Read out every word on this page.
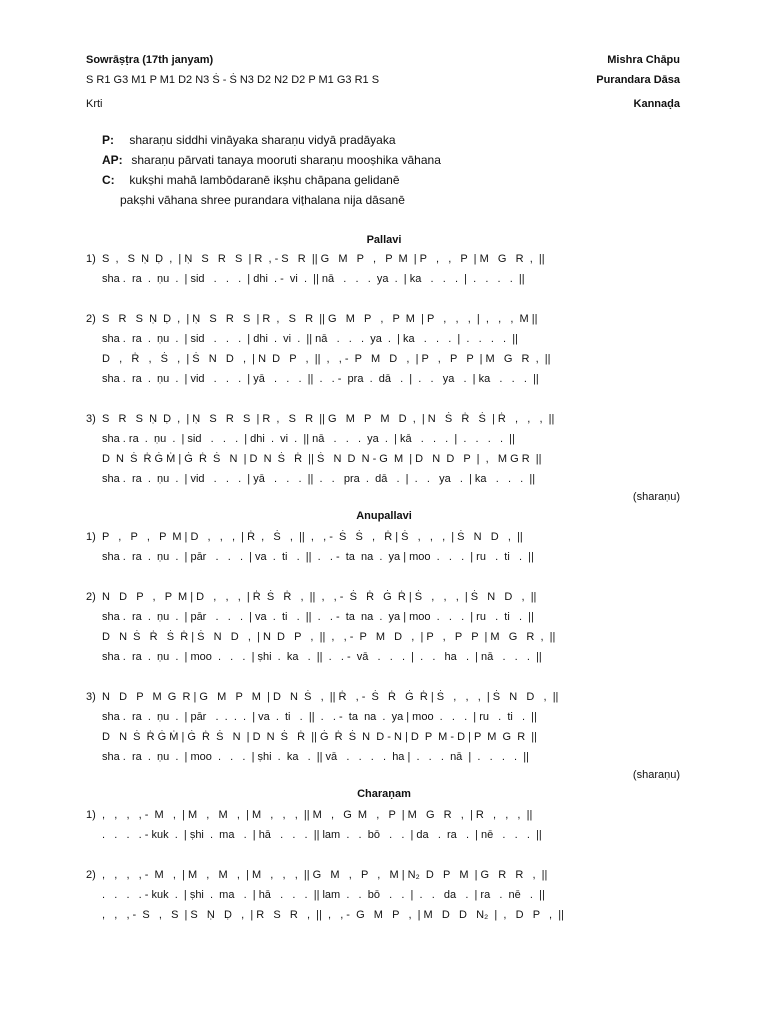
Sowrāṣṭra (17th janyam)
S R1 G3 M1 P M1 D2 N3 Ṡ - Ṡ N3 D2 N2 D2 P M1 G3 R1 S
Krti
Mishra Chāpu
Purandara Dāsa
Kannaḍa
P: sharaṇu siddhi vināyaka sharaṇu vidyā pradāyaka
AP: sharaṇu pārvati tanaya mooruti sharaṇu mooṣhika vāhana
C: kukṣhi mahā lambōdaranē ikṣhu chāpana gelidanē
pakṣhi vāhana shree purandara viṭhalana nija dāsanē
Pallavi
Anupallavi
Charaṇam
(sharaṇu)
(sharaṇu)

1)

S  ,   S  Ṇ  Ḍ  ,  | Ṇ   S   R   S  | R  , - S   R  || G   M   P   ,   P  M  | P   ,   ,   P  | M   G   R  ,  ||

sha .  ra  .  ṇu  .  | sid   .   .   .  | dhi  . -  vi  .  || nā   .   .   .  ya  .  | ka   .   .   .  |  .   .   .   .  ||

2)

S   R   S  Ṇ  Ḍ  ,  | Ṇ   S   R   S  | R  ,   S   R  || G   M   P   ,   P  M  | P   ,   ,   ,  |  ,   ,   ,  M ||

sha .  ra  .  ṇu  .  | sid   .   .   .  | dhi  .  vi  .  || nā   .   .   .  ya  .  | ka   .   .   .  |  .   .   .   .  ||

D   ,   Ṙ   ,   Ṡ   ,  | Ṡ   N   D   ,  | N  D   P   ,  ||  ,   , -  P   M   D   ,  | P   ,   P   P  | M   G   R  ,  ||

sha .  ra  .  ṇu  .  | vid   .   .   .  | yā   .   .   .  ||  .   . -  pra  .  dā   .  |  .   .   ya   .  | ka   .   .   .  ||

3)

S   R   S  Ṇ  Ḍ  ,  | Ṇ   S   R   S  | R  ,   S   R  || G   M   P   M   D  ,  | N   Ṡ   Ṙ   Ṡ  | Ṙ   ,   ,   ,  ||

sha . ra  .  ṇu  .  | sid   .   .   .  | dhi  .  vi  .  || nā   .   .   .  ya  .  | kā   .   .   .  |  .   .   .   .  ||

D  N  Ṡ  Ṙ Ġ Ṁ | Ġ  Ṙ  Ṡ   N  | D  N  Ṡ   Ṙ  || Ṡ   N  D  N - G  M  | D   N  D   P  |  ,   M G R  ||

sha .  ra  .  ṇu  .  | vid   .   .   .  | yā   .   .   .  ||  .   .   pra  .  dā   .  |  .   .   ya   .  | ka   .   .   .  ||

1)

P   ,   P   ,   P  M | D   ,   ,   ,  | Ṙ  ,   Ṡ   ,  ||  ,   , -  Ṡ   Ṡ   ,   Ṙ | Ṡ   ,   ,   ,  | Ṡ   N   D   ,  ||

sha .  ra  .  ṇu  .  | pār   .   .   .  | va  .  ti   .  ||  .   . -  ta  na  .  ya | moo  .   .   .  | ru   .  ti   .  ||

2)

N   D   P   ,   P  M | D   ,   ,   ,  | Ṙ  Ṡ   Ṙ   ,  ||  ,   , -  Ṡ   Ṙ   Ġ  Ṙ | Ṡ   ,   ,   ,  | Ṡ   N   D   ,  ||

sha .  ra  .  ṇu  .  | pār   .   .   .  | va  .  ti   .  ||  .   . -  ta  na  .  ya | moo  .   .   .  | ru   .  ti   .  ||

D   N  Ṡ   Ṙ   Ṡ  Ṙ | Ṡ   N   D   ,  | N  D   P   ,  ||  ,   , -  P   M   D   ,  | P   ,   P   P  | M   G   R  ,  ||

sha .  ra  .  ṇu  .  | moo  .   .   .  | ṣhi  .  ka   .  ||  .   . -  vā   .   .   .  |  .   .   ha   .  | nā   .   .   .  ||

3)

N   D   P   M  G  R | G   M   P   M  | D   N  Ṡ   ,  || Ṙ   , -  Ṡ   Ṙ   Ġ  Ṙ | Ṡ   ,   ,   ,  | Ṡ   N   D   ,  ||

sha .  ra  .  ṇu  .  | pār   .  .  .  .  | va  .  ti   .  ||  .   . -  ta  na  .  ya | moo  .   .   .  | ru   .  ti   .  ||

D   N  Ṡ  Ṙ Ġ Ṁ | Ġ  Ṙ  Ṡ   N  | D  N  Ṡ   Ṙ  || Ġ  Ṙ  Ṡ  N  D - N | D  P  M - D | P  M  G  R  ||

sha .  ra  .  ṇu  .  | moo  .   .   .  | ṣhi  .  ka   .  || vā   .   .   .   .  ha |  .   .   .  nā  |  .   .   .   .  ||

1)

,   ,   ,   , -  M   ,  | M   ,   M   ,  | M   ,   ,   ,  || M   ,   G  M   ,   P  | M   G   R   ,  | R   ,   ,   ,  ||

.   .   .   . - kuk  .  | ṣhi  .  ma   .  | hā   .   .   .  || lam  .   .  bō   .   .  | da   .  ra   .  | nē   .   .   .  ||

2)

,   ,   ,   , -  M   ,  | M   ,   M   ,  | M   ,   ,   ,  || G   M   ,   P   ,   M | N₂  D   P   M  | G   R   R   ,  ||

.   .   .   . - kuk  .  | ṣhi  .  ma   .  | hā   .   .   .  || lam  .   .  bō   .   .  |  .   .   da   .  | ra   .  nē   .  ||

,   ,   , -  S   ,   S  | S   Ṇ   Ḍ   ,  | R   S   R   ,  ||  ,   , -  G   M   P   ,  | M   D   D   N₂  |  ,   D   P   ,  ||
